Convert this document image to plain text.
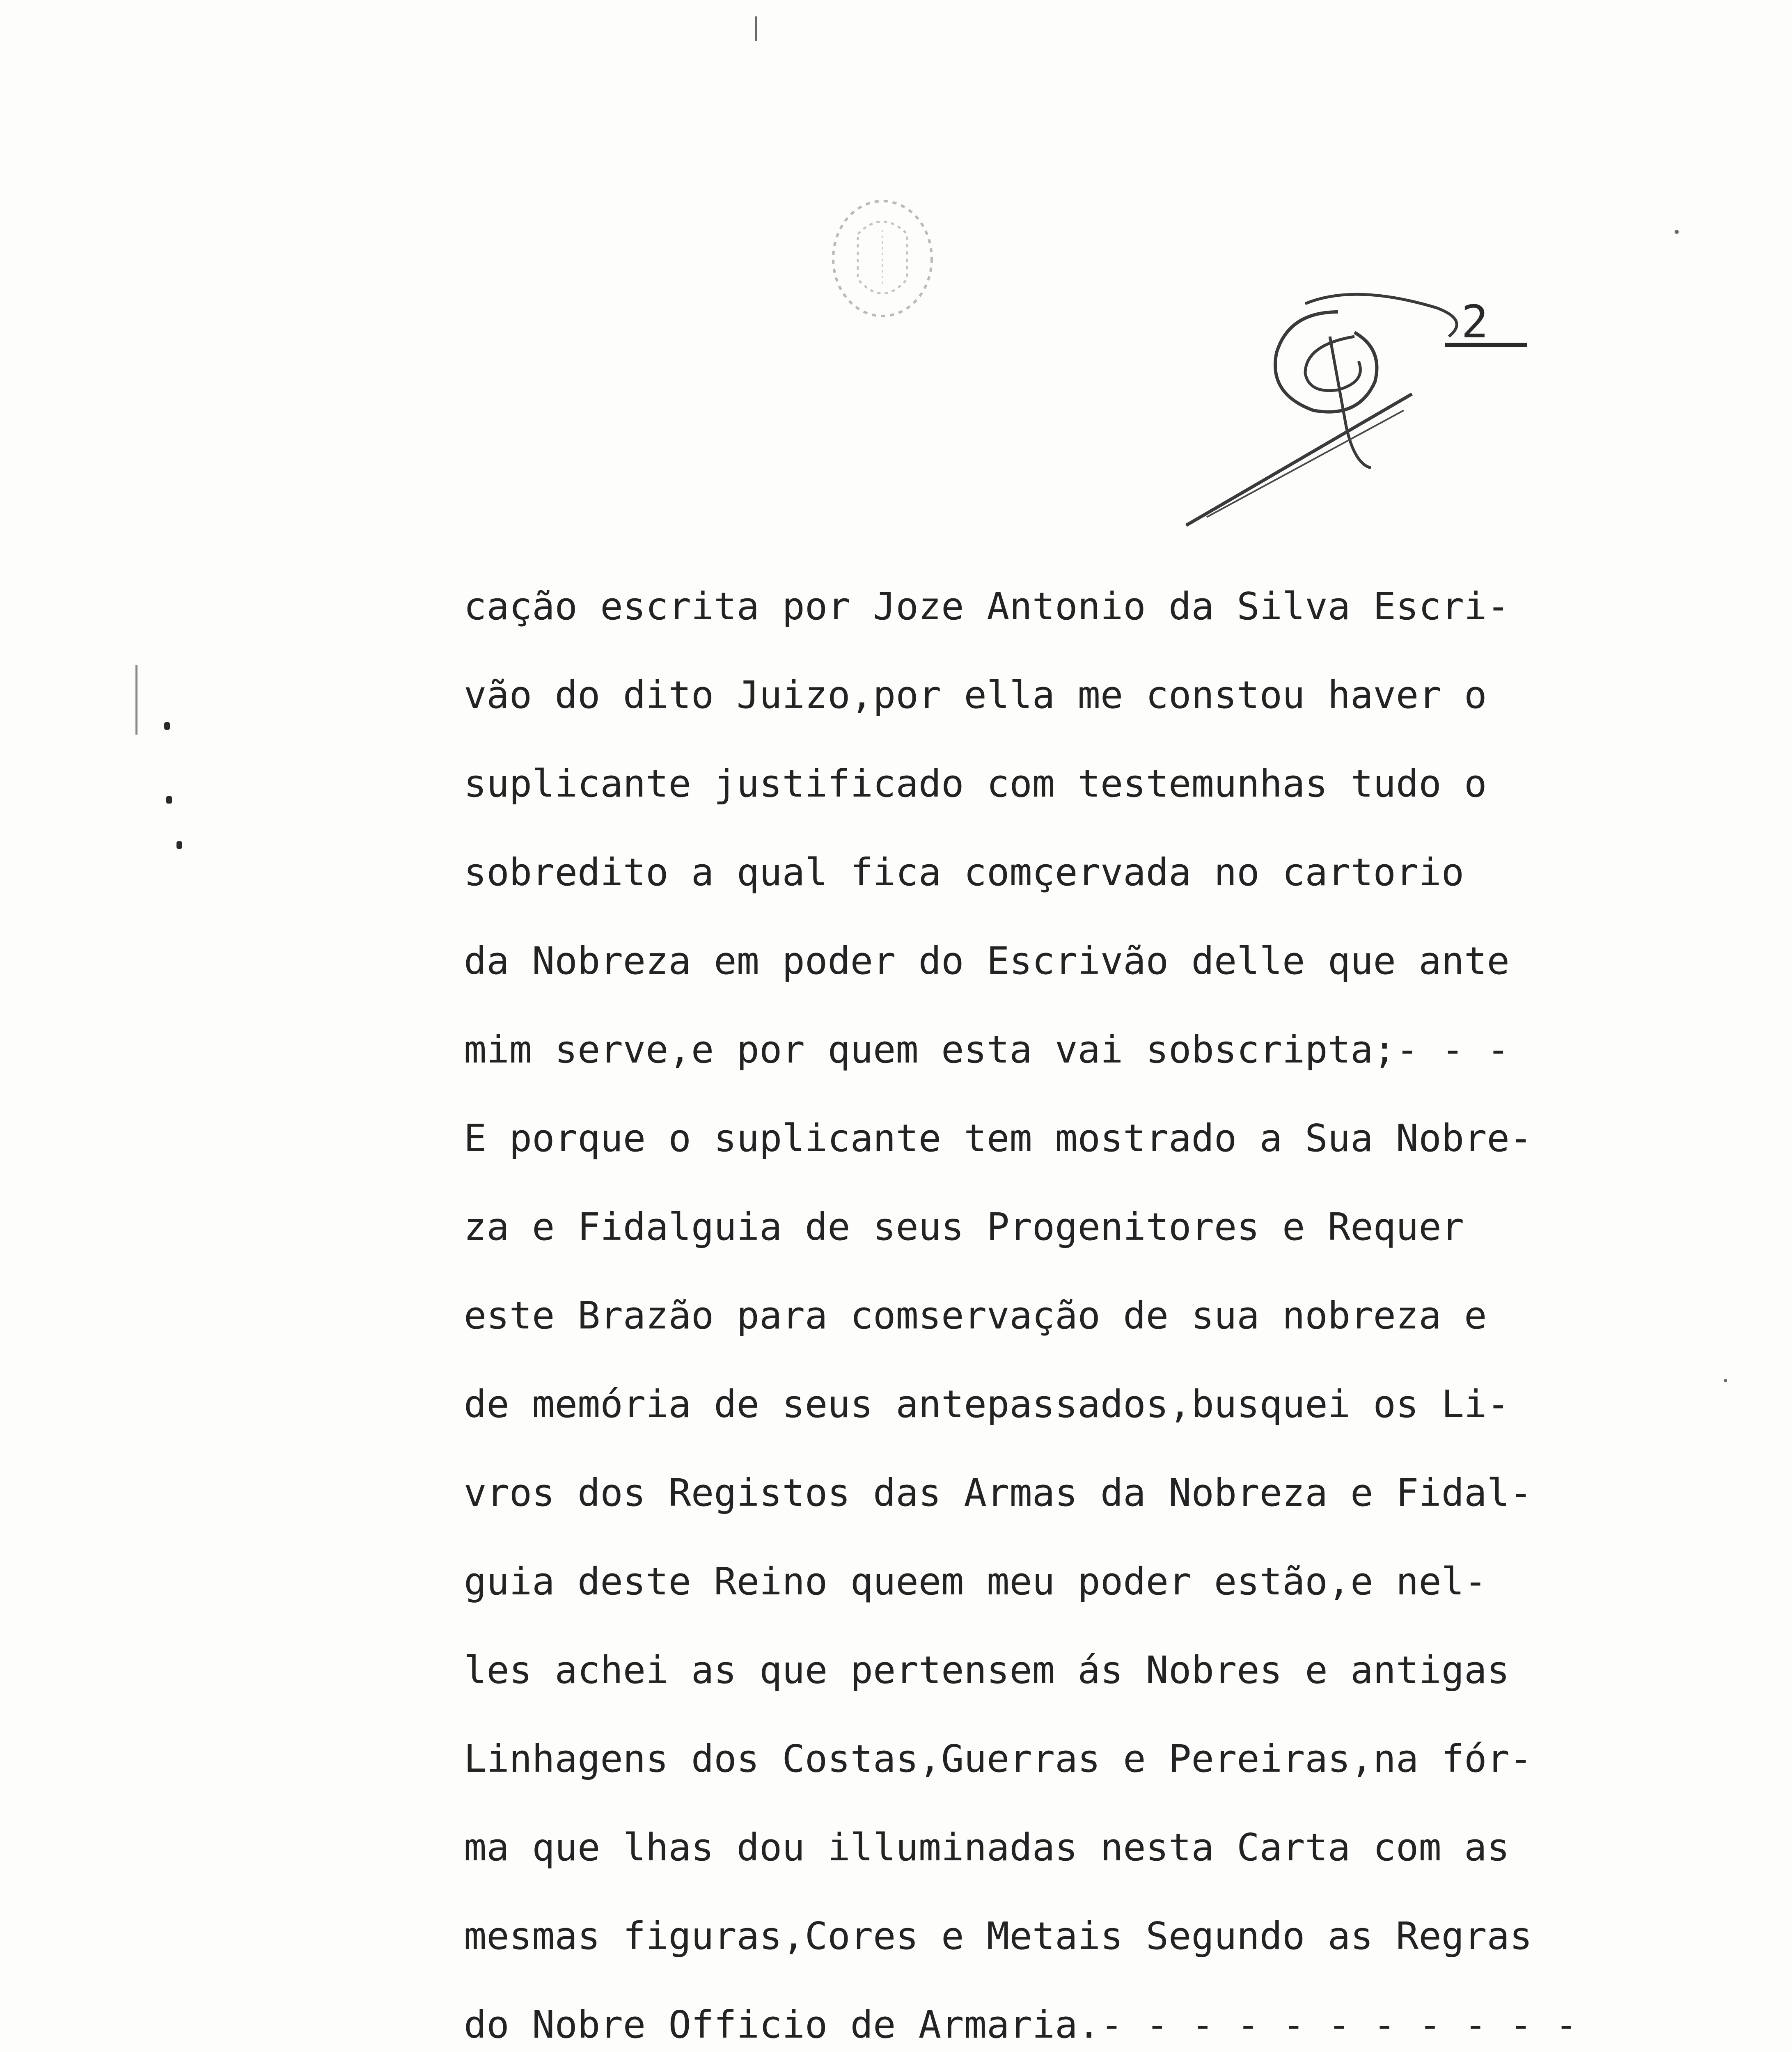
2
cação escrita por Joze Antonio da Silva Escri-
vão do dito Juizo,por ella me constou haver o
suplicante justificado com testemunhas tudo o
sobredito a qual fica comçervada no cartorio
da Nobreza em poder do Escrivão delle que ante
mim serve,e por quem esta vai sobscripta;- - -
E porque o suplicante tem mostrado a Sua Nobre-
za e Fidalguia de seus Progenitores e Requer
este Brazão para comservação de sua nobreza e
de memória de seus antepassados,busquei os Li-
vros dos Registos das Armas da Nobreza e Fidal-
guia deste Reino queem meu poder estão,e nel-
les achei as que pertensem ás Nobres e antigas
Linhagens dos Costas,Guerras e Pereiras,na fór-
ma que lhas dou illuminadas nesta Carta com as
mesmas figuras,Cores e Metais Segundo as Regras
do Nobre Officio de Armaria.- - - - - - - - - - -
